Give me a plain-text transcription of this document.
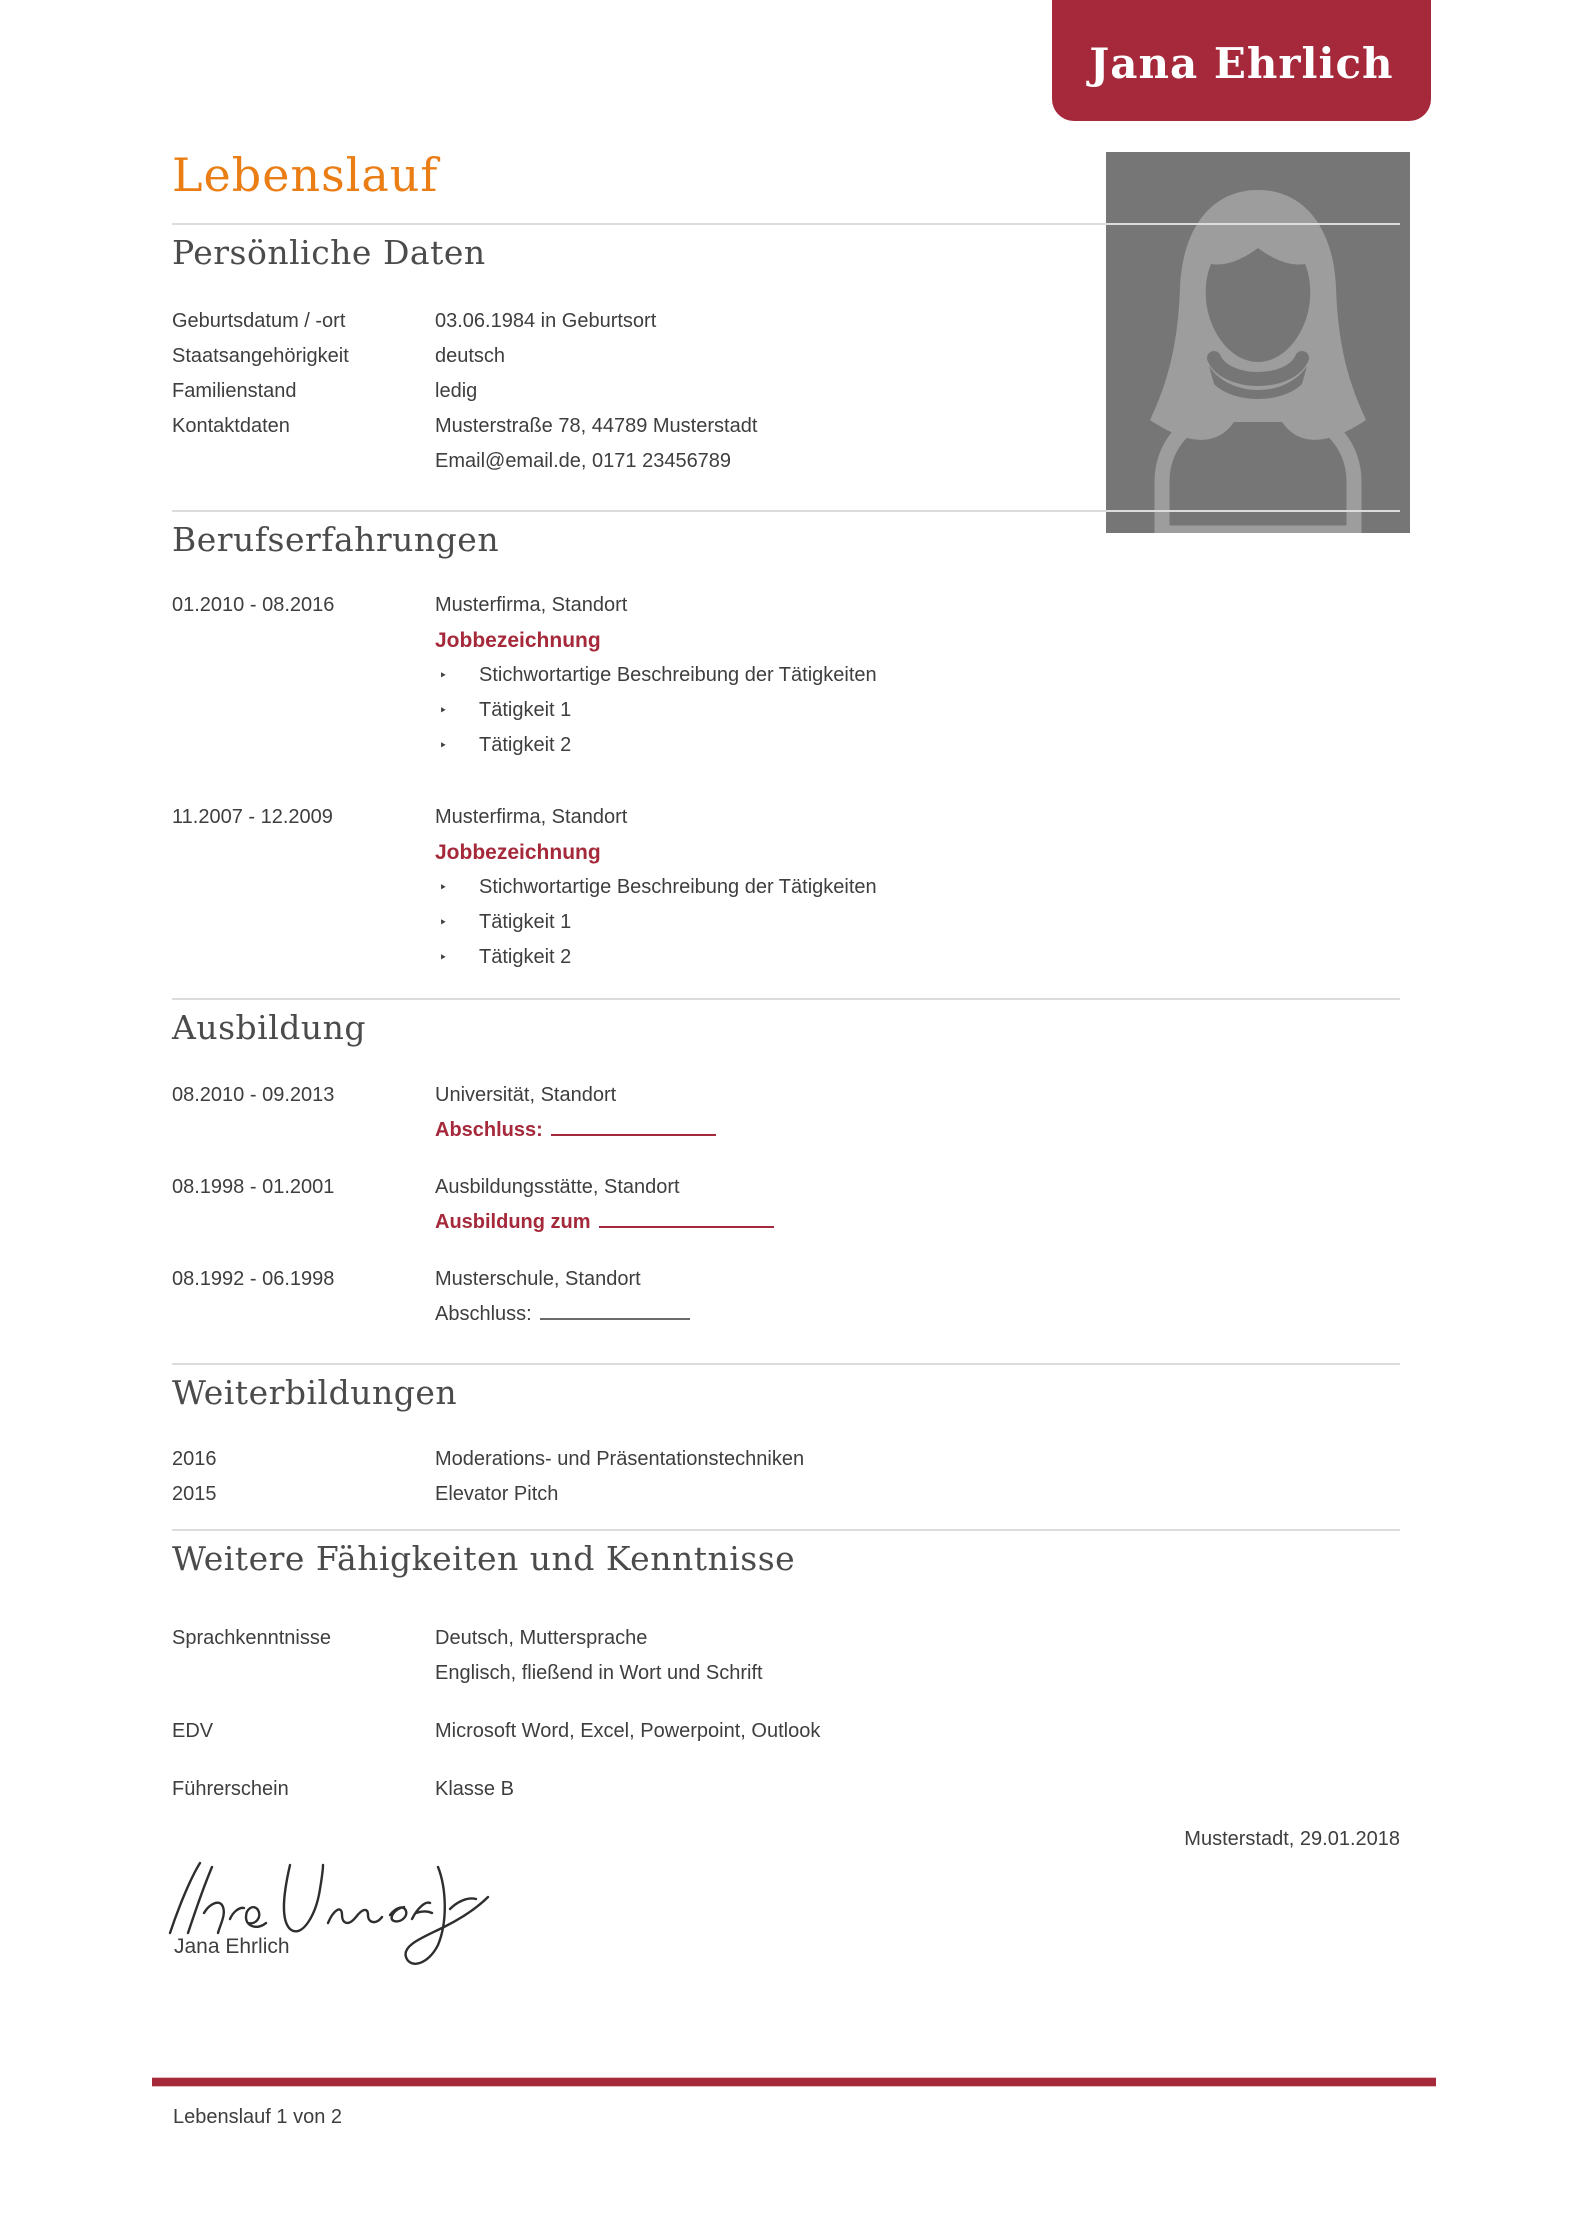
Jana Ehrlich
Lebenslauf
Persönliche Daten
Geburtsdatum / -ort	03.06.1984 in Geburtsort
Staatsangehörigkeit	deutsch
Familienstand	ledig
Kontaktdaten	Musterstraße 78, 44789 Musterstadt
Email@email.de, 0171 23456789
Berufserfahrungen
01.2010 - 08.2016	Musterfirma, Standort
Jobbezeichnung
‣	Stichwortartige Beschreibung der Tätigkeiten
‣	Tätigkeit 1
‣	Tätigkeit 2
11.2007 - 12.2009	Musterfirma, Standort
Jobbezeichnung
‣	Stichwortartige Beschreibung der Tätigkeiten
‣	Tätigkeit 1
‣	Tätigkeit 2
Ausbildung
08.2010 - 09.2013	Universität, Standort
Abschluss:
08.1998 - 01.2001	Ausbildungsstätte, Standort
Ausbildung zum
08.1992 - 06.1998	Musterschule, Standort
Abschluss:
Weiterbildungen
2016	Moderations- und Präsentationstechniken
2015	Elevator Pitch
Weitere Fähigkeiten und Kenntnisse
Sprachkenntnisse	Deutsch, Muttersprache
Englisch, fließend in Wort und Schrift
EDV	Microsoft Word, Excel, Powerpoint, Outlook
Führerschein	Klasse B
Musterstadt, 29.01.2018
Jana Ehrlich
Lebenslauf 1 von 2
